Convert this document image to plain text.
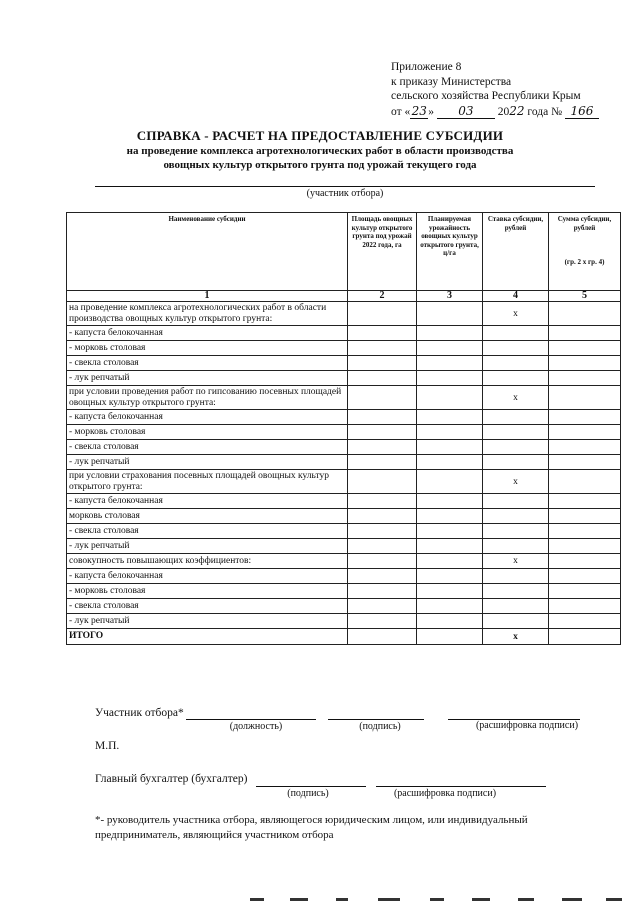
Приложение 8
к приказу Министерства
сельского хозяйства Республики Крым
от «23» 03 2022 года № 166
СПРАВКА - РАСЧЕТ НА ПРЕДОСТАВЛЕНИЕ СУБСИДИИ
на проведение комплекса агротехнологических работ в области производства
овощных культур открытого грунта под урожай текущего года
(участник отбора)
Наименование субсидии	Площадь овощных культур открытого грунта под урожай 2022 года, га	Планируемая урожайность овощных культур открытого грунта, ц/га	Ставка субсидии, рублей	Сумма субсидии, рублей
(гр. 2 х гр. 4)

1	2	3	4	5
на проведение комплекса агротехнологических работ в области производства овощных культур открытого грунта:			х	
- капуста белокочанная				
- морковь столовая				
- свекла столовая				
- лук репчатый				
при условии проведения работ по гипсованию посевных площадей овощных культур открытого грунта:			х	
- капуста белокочанная				
- морковь столовая				
- свекла столовая				
- лук репчатый				
при условии страхования посевных площадей овощных культур открытого грунта:			х	
- капуста белокочанная				
морковь столовая				
- свекла столовая				
- лук репчатый				
совокупность повышающих коэффициентов:			х	
- капуста белокочанная				
- морковь столовая				
- свекла столовая				
- лук репчатый				
ИТОГО			х	
Участник отбора*
(должность)	(подпись)	(расшифровка подписи)
М.П.
Главный бухгалтер (бухгалтер)
(подпись)	(расшифровка подписи)
*- руководитель участника отбора, являющегося юридическим лицом, или индивидуальный предприниматель, являющийся участником отбора
